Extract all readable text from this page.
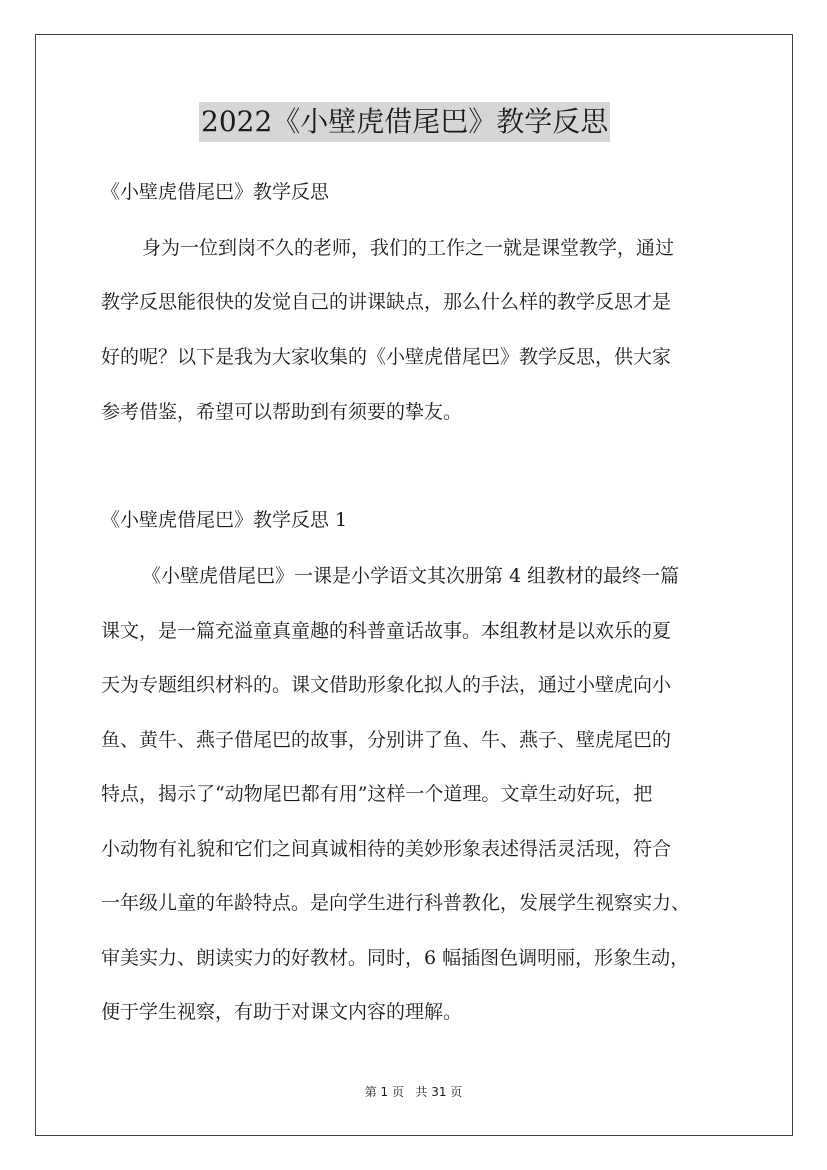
2022《小壁虎借尾巴》教学反思
《小壁虎借尾巴》教学反思
身为一位到岗不久的老师，我们的工作之一就是课堂教学，通过
教学反思能很快的发觉自己的讲课缺点，那么什么样的教学反思才是
好的呢？以下是我为大家收集的《小壁虎借尾巴》教学反思，供大家
参考借鉴，希望可以帮助到有须要的挚友。
《小壁虎借尾巴》教学反思 1
《小壁虎借尾巴》一课是小学语文其次册第 4 组教材的最终一篇
课文，是一篇充溢童真童趣的科普童话故事。本组教材是以欢乐的夏
天为专题组织材料的。课文借助形象化拟人的手法，通过小壁虎向小
鱼、黄牛、燕子借尾巴的故事，分别讲了鱼、牛、燕子、壁虎尾巴的
特点，揭示了“动物尾巴都有用”这样一个道理。文章生动好玩，把
小动物有礼貌和它们之间真诚相待的美妙形象表述得活灵活现，符合
一年级儿童的年龄特点。是向学生进行科普教化，发展学生视察实力、
审美实力、朗读实力的好教材。同时，6 幅插图色调明丽，形象生动，
便于学生视察，有助于对课文内容的理解。
第 1 页   共 31 页
